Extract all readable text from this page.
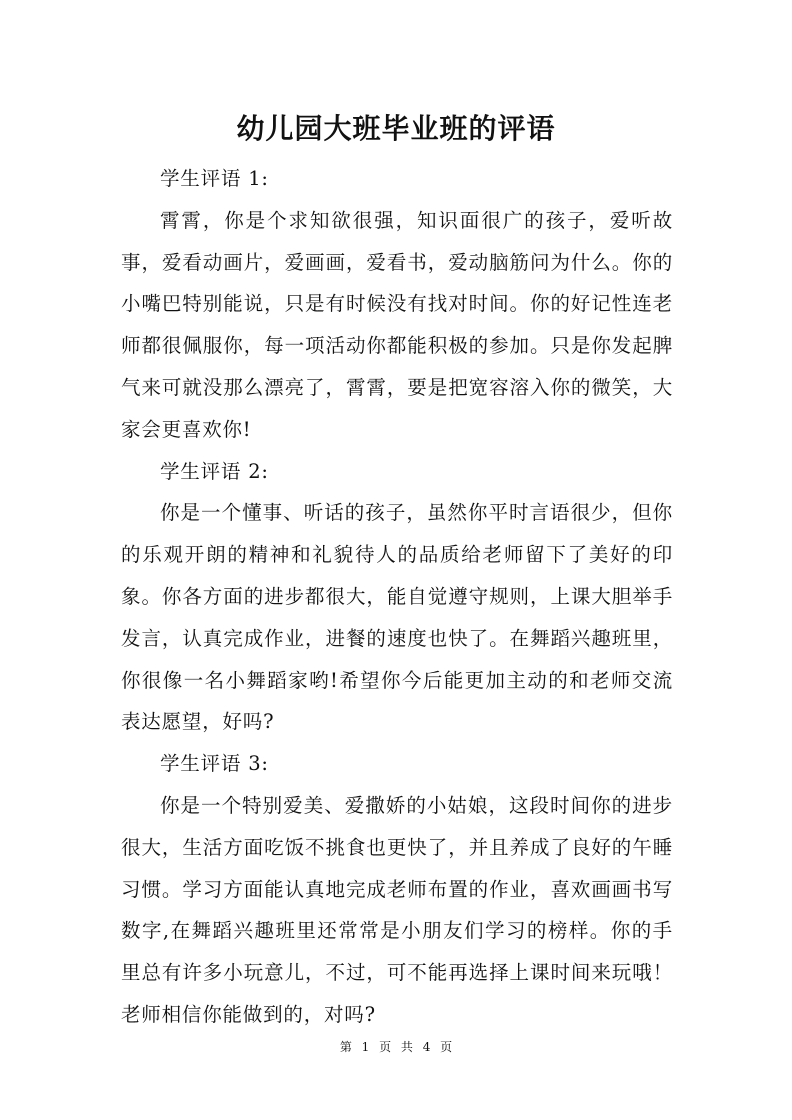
幼儿园大班毕业班的评语

学生评语 1:

霄霄，你是个求知欲很强，知识面很广的孩子，爱听故事，爱看动画片，爱画画，爱看书，爱动脑筋问为什么。你的小嘴巴特别能说，只是有时候没有找对时间。你的好记性连老师都很佩服你，每一项活动你都能积极的参加。只是你发起脾气来可就没那么漂亮了，霄霄，要是把宽容溶入你的微笑，大家会更喜欢你!

学生评语 2:

你是一个懂事、听话的孩子，虽然你平时言语很少，但你的乐观开朗的精神和礼貌待人的品质给老师留下了美好的印象。你各方面的进步都很大，能自觉遵守规则，上课大胆举手发言，认真完成作业，进餐的速度也快了。在舞蹈兴趣班里，你很像一名小舞蹈家哟!希望你今后能更加主动的和老师交流表达愿望，好吗?

学生评语 3:

你是一个特别爱美、爱撒娇的小姑娘，这段时间你的进步很大，生活方面吃饭不挑食也更快了，并且养成了良好的午睡习惯。学习方面能认真地完成老师布置的作业，喜欢画画书写数字,在舞蹈兴趣班里还常常是小朋友们学习的榜样。你的手里总有许多小玩意儿，不过，可不能再选择上课时间来玩哦！老师相信你能做到的，对吗?

第 1 页 共 4 页
